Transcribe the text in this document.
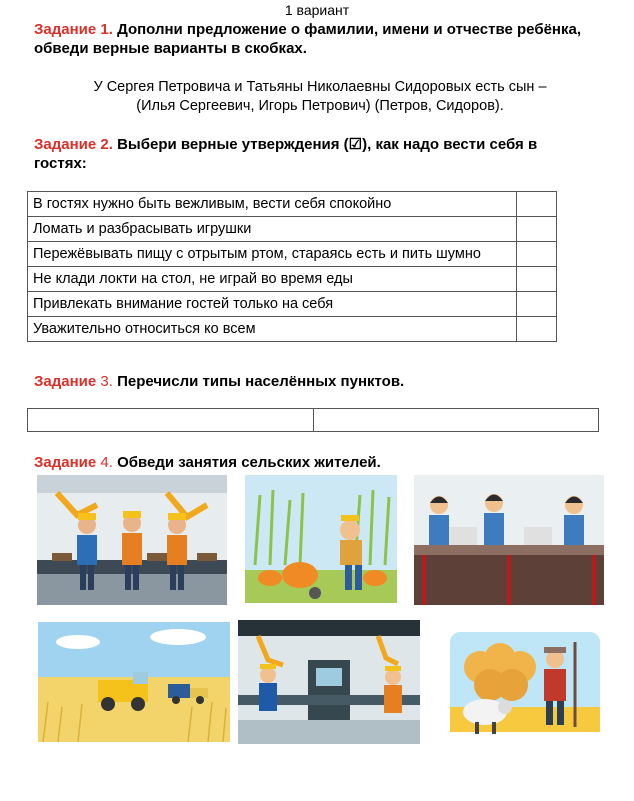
1 вариант
Задание 1. Дополни предложение о фамилии, имени и отчестве ребёнка, обведи верные варианты в скобках.
У Сергея Петровича и Татьяны Николаевны Сидоровых есть сын –
(Илья Сергеевич, Игорь Петрович) (Петров, Сидоров).
Задание 2. Выбери верные утверждения (☑), как надо вести себя в гостях:
В гостях нужно быть вежливым, вести себя спокойно	
Ломать и разбрасывать игрушки	
Пережёвывать пищу с отрытым ртом, стараясь есть и пить шумно	
Не клади локти на стол, не играй во время еды	
Привлекать внимание гостей только на себя	
Уважительно относиться ко всем	
Задание 3. Перечисли типы населённых пунктов.
Задание 4. Обведи занятия сельских жителей.
